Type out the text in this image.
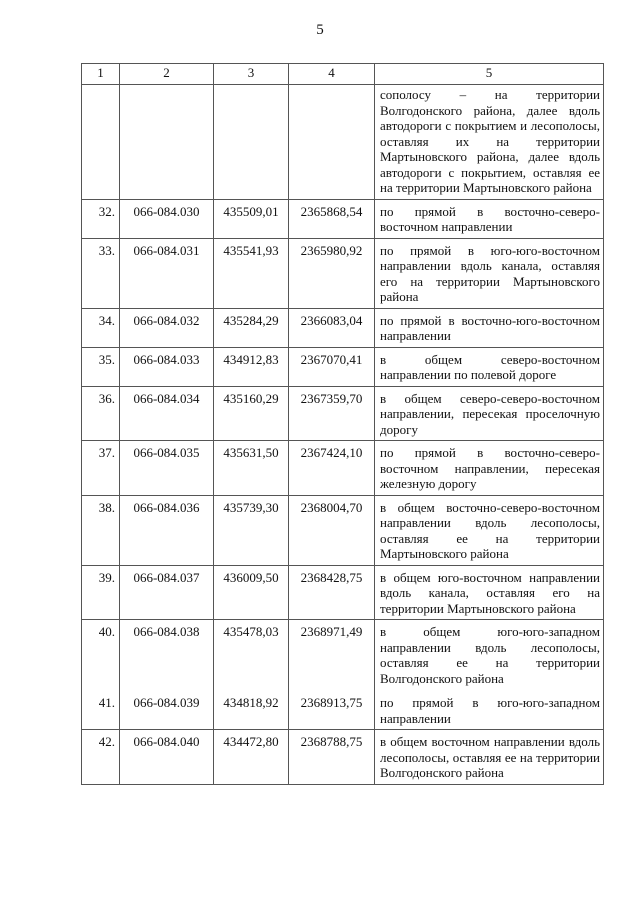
5
1	2	3	4	5
				сополосу – на территории Волгодонского района, далее вдоль автодороги с покрытием и лесополосы, оставляя их на территории Мартыновского района, далее вдоль автодороги с покрытием, оставляя ее на территории Мартыновского района
32.	066-084.030	435509,01	2365868,54	по прямой в восточно-северо-восточном направлении
33.	066-084.031	435541,93	2365980,92	по прямой в юго-юго-восточном направлении вдоль канала, оставляя его на территории Мартыновского района
34.	066-084.032	435284,29	2366083,04	по прямой в восточно-юго-восточном направлении
35.	066-084.033	434912,83	2367070,41	в общем северо-восточном направлении по полевой дороге
36.	066-084.034	435160,29	2367359,70	в общем северо-северо-восточном направлении, пересекая проселочную дорогу
37.	066-084.035	435631,50	2367424,10	по прямой в восточно-северо-восточном направлении, пересекая железную дорогу
38.	066-084.036	435739,30	2368004,70	в общем восточно-северо-восточном направлении вдоль лесополосы, оставляя ее на территории Мартыновского района
39.	066-084.037	436009,50	2368428,75	в общем юго-восточном направлении вдоль канала, оставляя его на территории Мартыновского района
40.	066-084.038	435478,03	2368971,49	в общем юго-юго-западном направлении вдоль лесополосы, оставляя ее на территории Волгодонского района
41.	066-084.039	434818,92	2368913,75	по прямой в юго-юго-западном направлении
42.	066-084.040	434472,80	2368788,75	в общем восточном направлении вдоль лесополосы, оставляя ее на территории Волгодонского района
